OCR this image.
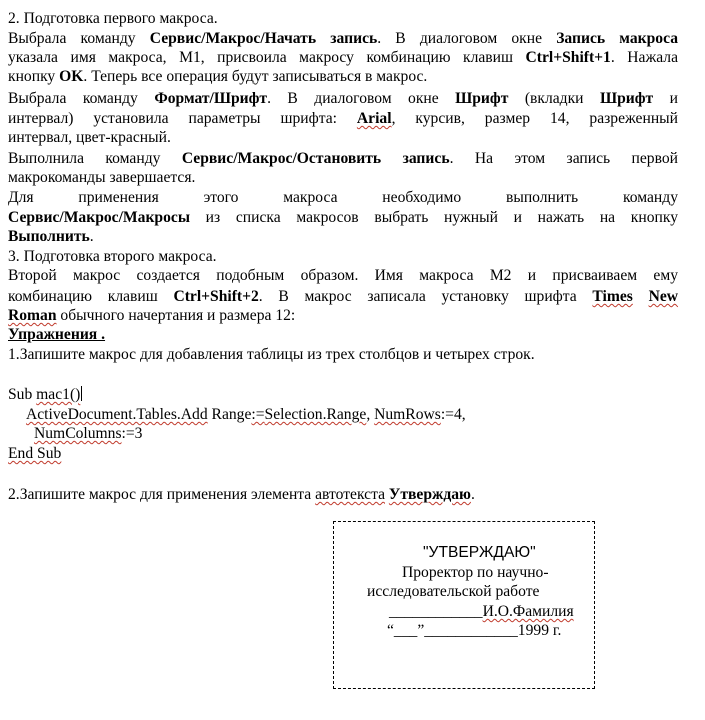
2. Подготовка первого макроса.
Выбрала команду Сервис/Макрос/Начать запись. В диалоговом окне Запись макроса
указала имя макроса, M1, присвоила макросу комбинацию клавиш Ctrl+Shift+1. Нажала
кнопку OK. Теперь все операция будут записываться в макрос.
Выбрала команду Формат/Шрифт. В диалоговом окне Шрифт (вкладки Шрифт и
интервал) установила параметры шрифта: Arial, курсив, размер 14, разреженный
интервал, цвет-красный.
Выполнила команду Сервис/Макрос/Остановить запись. На этом запись первой
макрокоманды завершается.
Для применения этого макроса необходимо выполнить команду
Сервис/Макрос/Макросы из списка макросов выбрать нужный и нажать на кнопку
Выполнить.
3. Подготовка второго макроса.
Второй макрос создается подобным образом. Имя макроса M2 и присваиваем ему
комбинацию клавиш Ctrl+Shift+2. В макрос записала установку шрифта Times New
Roman обычного начертания и размера 12:
Упражнения .
1.Запишите макрос для добавления таблицы из трех столбцов и четырех строк.
Sub mac1()
ActiveDocument.Tables.Add Range:=Selection.Range, NumRows:=4,
NumColumns:=3
End Sub
2.Запишите макрос для применения элемента автотекста Утверждаю.
"УТВЕРЖДАЮ"
Проректор по научно-
исследовательской работе
____________И.О.Фамилия
“___”____________1999 г.
